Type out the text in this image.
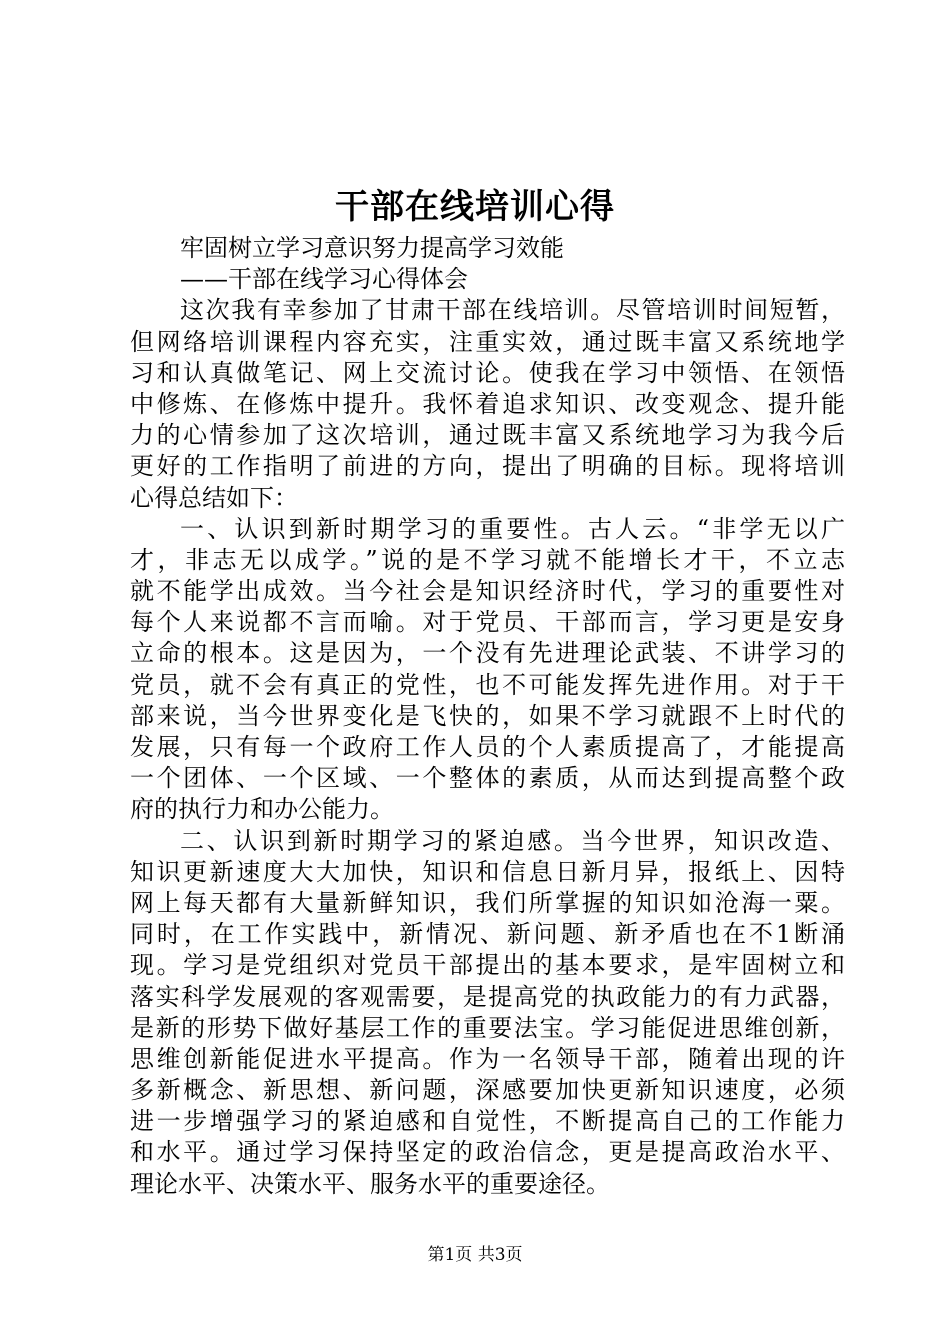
干部在线培训心得
牢固树立学习意识努力提高学习效能
——干部在线学习心得体会
这次我有幸参加了甘肃干部在线培训。尽管培训时间短暂，
但网络培训课程内容充实，注重实效，通过既丰富又系统地学
习和认真做笔记、网上交流讨论。使我在学习中领悟、在领悟
中修炼、在修炼中提升。我怀着追求知识、改变观念、提升能
力的心情参加了这次培训，通过既丰富又系统地学习为我今后
更好的工作指明了前进的方向，提出了明确的目标。现将培训
心得总结如下：
一、认识到新时期学习的重要性。古人云。“非学无以广
才，非志无以成学。”说的是不学习就不能增长才干，不立志
就不能学出成效。当今社会是知识经济时代，学习的重要性对
每个人来说都不言而喻。对于党员、干部而言，学习更是安身
立命的根本。这是因为，一个没有先进理论武装、不讲学习的
党员，就不会有真正的党性，也不可能发挥先进作用。对于干
部来说，当今世界变化是飞快的，如果不学习就跟不上时代的
发展，只有每一个政府工作人员的个人素质提高了，才能提高
一个团体、一个区域、一个整体的素质，从而达到提高整个政
府的执行力和办公能力。
二、认识到新时期学习的紧迫感。当今世界，知识改造、
知识更新速度大大加快，知识和信息日新月异，报纸上、因特
网上每天都有大量新鲜知识，我们所掌握的知识如沧海一粟。
同时，在工作实践中，新情况、新问题、新矛盾也在不1断涌
现。学习是党组织对党员干部提出的基本要求，是牢固树立和
落实科学发展观的客观需要，是提高党的执政能力的有力武器，
是新的形势下做好基层工作的重要法宝。学习能促进思维创新，
思维创新能促进水平提高。作为一名领导干部，随着出现的许
多新概念、新思想、新问题，深感要加快更新知识速度，必须
进一步增强学习的紧迫感和自觉性，不断提高自己的工作能力
和水平。通过学习保持坚定的政治信念，更是提高政治水平、
理论水平、决策水平、服务水平的重要途径。
第1页 共3页
